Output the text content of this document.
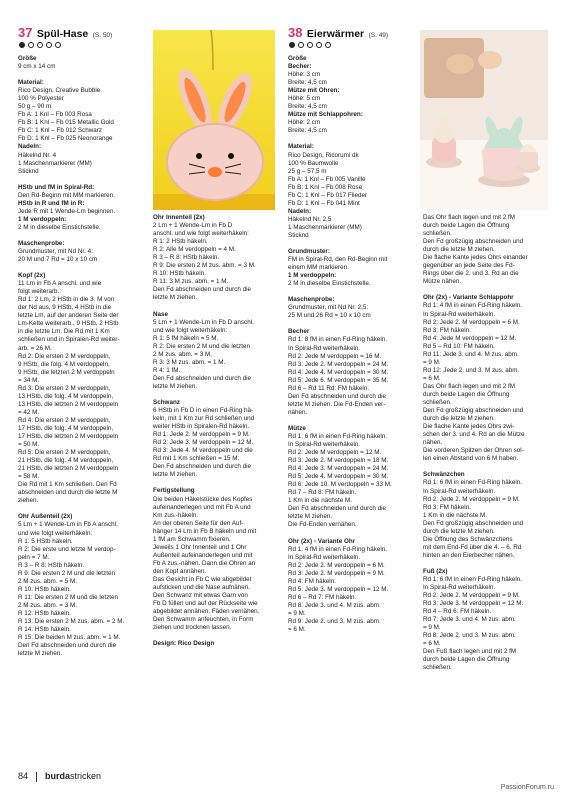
37 Spül-Hase (S. 50)	38 Eierwärmer (S. 49)

Größe
9 cm x 14 cm

Material:
Rico Design, Creative Bubble
100 % Polyester
50 g – 90 m
Fb A: 1 Knl – Fb 003 Rosa
Fb B: 1 Knl – Fb 015 Metallic Gold
Fb C: 1 Knl – Fb 012 Schwarz
Fb D: 1 Knl – Fb 025 Neonorange
Nadeln:
Häkelnd Nr. 4
1 Maschenmarkierer (MM)
Sticknd

HStb und fM in Spiral-Rd:
Den Rd-Beginn mit MM markieren.
HStb in R und fM in R:
Jede R mit 1 Wende-Lm beginnen.
1 M verdoppeln:
2 M in dieselbe Einstichstelle.

Maschenprobe:
Grundmuster, mit Nd Nr. 4:
20 M und 7 Rd = 10 x 10 cm

Kopf (2x)
11 Lm in Fb A anschl. und wie
folgt weiterarb.:
Rd 1: 2 Lm, 2 HStb in die 3. M von
der Nd aus, 9 HStb, 4 HStb in die
letzte Lm, auf der anderen Seite der
Lm-Kette weiterarb., 9 HStb, 2 HStb
in die letzte Lm. Die Rd mit 1 Km
schließen und in Spiralen-Rd weiter-
arb. = 26 M.
Rd 2: Die ersten 2 M verdoppeln,
9 HStb, die folg. 4 M verdoppeln,
9 HStb, die letzten 2 M verdoppeln
= 34 M.
Rd 3: Die ersten 2 M verdoppeln,
13 HStb, die folg. 4 M verdoppeln,
13 HStb, die letzten 2 M verdoppeln
= 42 M.
Rd 4: Die ersten 2 M verdoppeln,
17 HStb, die folg. 4 M verdoppeln,
17 HStb, die letzten 2 M verdoppeln
= 50 M.
Rd 5: Die ersten 2 M verdoppeln,
21 HStb, die folg. 4 M verdoppeln,
21 HStb, die letzten 2 M verdoppeln
= 58 M.
Die Rd mit 1 Km schließen. Den Fd
abschneiden und durch die letzte M
ziehen.

Ohr Außenteil (2x)
5 Lm + 1 Wende-Lm in Fb A anschl.
und wie folgt weiterhäkeln:
R 1: 5 HStb häkeln.
R 2: Die erste und letzte M verdop-
peln = 7 M.
R 3 – R 8: HStb häkeln.
R 9: Die ersten 2 M und die letzten
2 M zus. abm. = 5 M.
R 10: HStb häkeln.
R 11: Die ersten 2 M und die letzten
2 M zus. abm. = 3 M.
R 12: HStb häkeln.
R 13: Die ersten 2 M zus. abm. = 2 M.
R 14: HStb häkeln.
R 15: Die beiden M zus. abm. = 1 M.
Den Fd abschneiden und durch die
letzte M ziehen.

Ohr Innenteil (2x)
2 Lm + 1 Wende-Lm in Fb D
anschl. und wie folgt weiterhäkeln:
R 1: 2 HStb häkeln.
R 2: Alle M verdoppeln = 4 M.
R 3 – R 8: HStb häkeln.
R 9: Die ersten 2 M zus. abm. = 3 M.
R 10: HStb häkeln.
R 11: 3 M zus. abm. = 1 M.
Den Fd abschneiden und durch die
letzte M ziehen.

Nase
5 Lm + 1 Wende-Lm in Fb D anschl.
und wie folgt weiterhäkeln:
R 1: 5 fM häkeln = 5 M.
R 2: Die ersten 2 M und die letzten
2 M zus. abm. = 3 M.
R 3: 3 M zus. abm. = 1 M.
R 4: 1 fM.
Den Fd abschneiden und durch die
letzte M ziehen.

Schwanz
6 HStb in Fb D in einen Fd-Ring hä-
keln, mit 1 Km zur Rd schließen und
weiter HStb in Spiralen-Rd häkeln.
Rd 1: Jede 2. M verdoppeln = 9 M.
Rd 2: Jede 3. M verdoppeln = 12 M.
Rd 3: Jede 4. M verdoppeln und die
Rd mit 1 Km schließen = 15 M.
Den Fd abschneiden und durch die
letzte M ziehen.

Fertigstellung
Die beiden Häkelstücke des Kopfes
aufeinanderlegen und mit Fb A und
Km zus.-häkeln.
An der oberen Seite für den Auf-
hänger 14 Lm in Fb B häkeln und mit
1 fM am Schwamm fixieren.
Jeweils 1 Ohr Innenteil und 1 Ohr
Außenteil aufeinanderlegen und mit
Fb A zus.-nähen. Dann die Ohren an
den Kopf annähen.
Das Gesicht in Fb C wie abgebildet
aufsticken und die Nase aufnähen.
Den Schwanz mit etwas Garn von
Fb D füllen und auf der Rückseite wie
abgebildet annähen. Fäden vernähen.
Den Schwamm anfeuchten, in Form
ziehen und trocknen lassen.

Design: Rico Design

Größe
Becher:
Höhe: 3 cm
Breite: 4,5 cm
Mütze mit Ohren:
Höhe: 5 cm
Breite: 4,5 cm
Mütze mit Schlappohren:
Höhe: 2 cm
Breite: 4,5 cm

Material:
Rico Design, Ricorumi dk
100 % Baumwolle
25 g – 57,5 m
Fb A: 1 Knl – Fb 005 Vanille
Fb B: 1 Knl – Fb 008 Rose
Fb C: 1 Knl – Fb 017 Flieder
Fb D: 1 Knl – Fb 041 Mint
Nadeln:
Häkelnd Nr. 2,5
1 Maschenmarkierer (MM)
Sticknd

Grundmuster:
FM in Spiral-Rd, den Rd-Beginn mit
einem MM markieren.
1 M verdoppeln:
2 M in dieselbe Einstichstelle.

Maschenprobe:
Grundmuster, mit Nd Nr. 2,5:
25 M und 26 Rd = 10 x 10 cm

Becher
Rd 1: 8 fM in einen Fd-Ring häkeln.
In Spiral-Rd weiterhäkeln.
Rd 2: Jede M verdoppeln = 16 M.
Rd 3: Jede 2. M verdoppeln = 24 M.
Rd 4: Jede 4. M verdoppeln = 30 M.
Rd 5: Jede 6. M verdoppeln = 35 M.
Rd 6 – Rd 11 Rd: FM häkeln.
Den Fd abschneiden und durch die
letzte M ziehen. Die Fd-Enden ver-
nähen.

Mütze
Rd 1: 6 fM in einen Fd-Ring häkeln.
In Spiral-Rd weiterhäkeln.
Rd 2: Jede M verdoppeln = 12 M.
Rd 3: Jede 2. M verdoppeln = 18 M.
Rd 4: Jede 3. M verdoppeln = 24 M.
Rd 5: Jede 4. M verdoppeln = 30 M.
Rd 6: Jede 10. M verdoppeln = 33 M.
Rd 7 – Rd 8: FM häkeln.
1 Km in die nächste M.
Den Fd abschneiden und durch die
letzte M ziehen.
Die Fd-Enden vernähen.

Ohr (2x) - Variante Ohr
Rd 1: 4 fM in einen Fd-Ring häkeln.
In Spiral-Rd weiterhäkeln.
Rd 2: Jede 2. M verdoppeln = 6 M.
Rd 3: Jede 2. M verdoppeln = 9 M.
Rd 4: FM häkeln.
Rd 5: Jede 3. M verdoppeln = 12 M.
Rd 6 – Rd 7: FM häkeln.
Rd 8: Jede 3. und 4. M zus. abm.
= 9 M.
Rd 9: Jede 2. und 3. M zus. abm.
= 6 M.

Das Ohr flach legen und mit 2 fM
durch beide Lagen die Öffnung
schließen.
Den Fd großzügig abschneiden und
durch die letzte M ziehen.
Die flache Kante jedes Ohrs einander
gegenüber an jede Seite des Fd-
Rings über die 2. und 3. Rd an die
Mütze nähen.

Ohr (2x) - Variante Schlappohr
Rd 1: 4 fM in einen Fd-Ring häkeln.
In Spiral-Rd weiterhäkeln.
Rd 2: Jede 2. M verdoppeln = 6 M.
Rd 3: FM häkeln.
Rd 4: Jede M verdoppeln = 12 M.
Rd 5 – Rd 10: FM häkeln.
Rd 11: Jede 3. und 4. M zus. abm.
= 9 M.
Rd 12: Jede 2. und 3. M zus. abm.
= 6 M.
Das Ohr flach legen und mit 2 fM
durch beide Lagen die Öffnung
schließen.
Den Fd großzügig abschneiden und
durch die letzte M ziehen.
Die flache Kante jedes Ohrs zwi-
schen der 3. und 4. Rd an die Mütze
nähen.
Die vorderen Spitzen der Ohren sol-
len einen Abstand von 6 M haben.

Schwänzchen
Rd 1: 6 fM in einen Fd-Ring häkeln.
In Spiral-Rd weiterhäkeln.
Rd 2: Jede 2. M verdoppeln = 9 M.
Rd 3: FM häkeln.
1 Km in die nächste M.
Den Fd großzügig abschneiden und
durch die letzte M ziehen.
Die Öffnung des Schwänzchens
mit dem End-Fd über die 4. – 6. Rd
hinten an den Eierbecher nähen.

Fuß (2x)
Rd 1: 6 fM in einen Fd-Ring häkeln.
In Spiral-Rd weiterhäkeln.
Rd 2: Jede 2. M verdoppeln = 9 M.
Rd 3: Jede 3. M verdoppeln = 12 M.
Rd 4 – Rd 6: FM häkeln.
Rd 7: Jede 3. und 4. M zus. abm.
= 9 M.
Rd 8: Jede 2. und 3. M zus. abm.
= 6 M.
Den Fuß flach legen und mit 2 fM
durch beide Lagen die Öffnung
schließen.

84 burdastricken
PassionForum.ru
